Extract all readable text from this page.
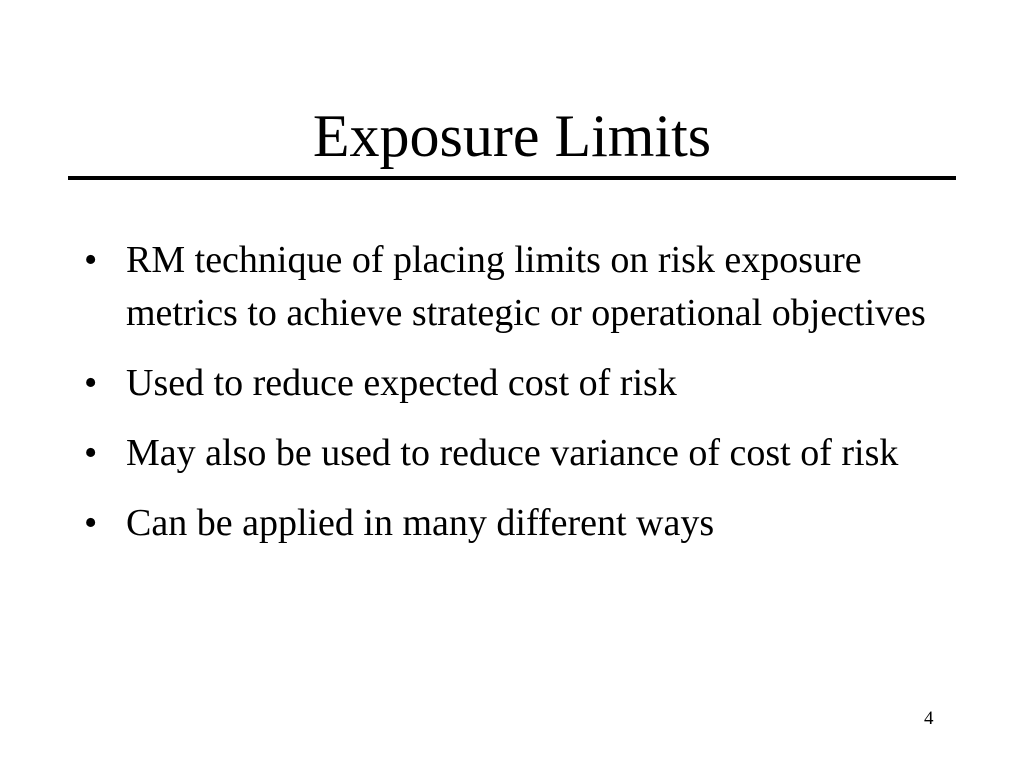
Exposure Limits
• RM technique of placing limits on risk exposure metrics to achieve strategic or operational objectives
• Used to reduce expected cost of risk
• May also be used to reduce variance of cost of risk
• Can be applied in many different ways
4
